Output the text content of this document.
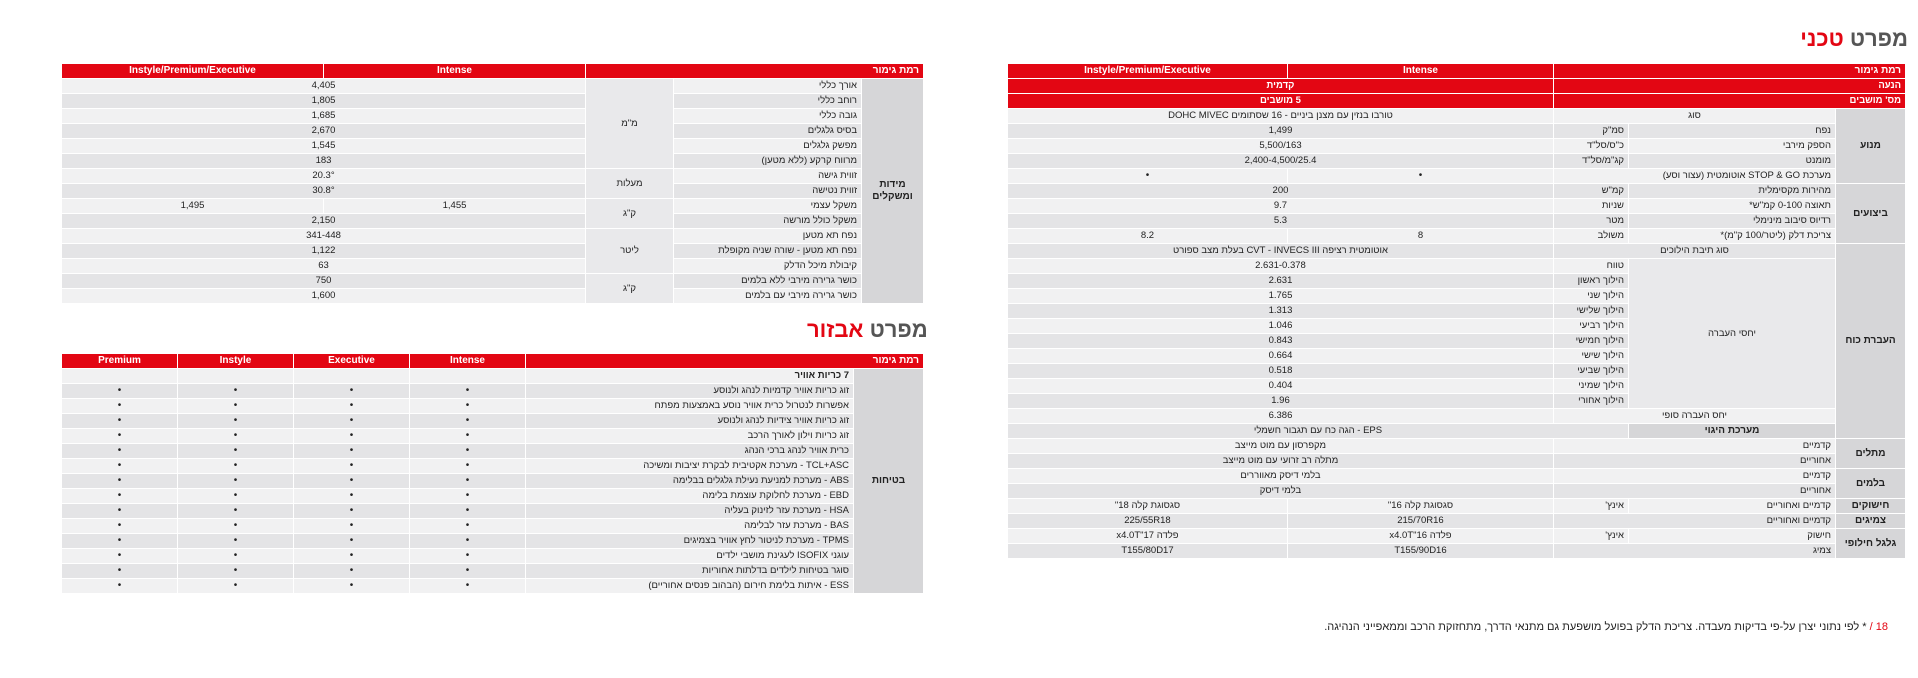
מפרט טכני
רמת גימור			Intense	Instyle/Premium/Executive
הנעה			קדמית	
מס' מושבים			5 מושבים	
מנוע	סוג		טורבו בנזין עם מצנן ביניים - 16 שסתומים DOHC MIVEC	
	נפח	סמ"ק	1,499	
	הספק מירבי	כ"ס/סל"ד	5,500/163	
	מומנט	קג"מ/סל"ד	2,400-4,500/25.4	
	מערכת STOP & GO אוטומטית (עצור וסע)		•	•
ביצועים	מהירות מקסימלית	קמ"ש	200	
	תאוצה 0-100 קמ"ש*	שניות	9.7	
	רדיוס סיבוב מינימלי	מטר	5.3	
	צריכת דלק (ליטר/100 ק"מ)*	משולב	8	8.2
העברת כוח	סוג תיבת הילוכים		אוטומטית רציפה CVT - INVECS III בעלת מצב ספורט	
	יחסי העברה	טווח	2.631-0.378	
		הילוך ראשון	2.631	
		הילוך שני	1.765	
		הילוך שלישי	1.313	
		הילוך רביעי	1.046	
		הילוך חמישי	0.843	
		הילוך שישי	0.664	
		הילוך שביעי	0.518	
		הילוך שמיני	0.404	
		הילוך אחורי	1.96	
	יחס העברה סופי		6.386	
	מערכת היגוי	EPS - הגה כח עם תגבור חשמלי		
מתלים	קדמיים		מקפרסון עם מוט מייצב	
	אחוריים		מתלה רב זרועי עם מוט מייצב	
בלמים	קדמיים		בלמי דיסק מאווררים	
	אחוריים		בלמי דיסק	
חישוקים	קדמיים ואחוריים	אינץ'	סגסוגת קלה 16"	סגסוגת קלה 18"
צמיגים	קדמיים ואחוריים		215/70R16	225/55R18
גלגל חילופי	חישוק	אינץ'	פלדה 16"x4.0T	פלדה 17"x4.0T
	צמיג		T155/90D16	T155/80D17
18 / * לפי נתוני יצרן על-פי בדיקות מעבדה. צריכת הדלק בפועל מושפעת גם מתנאי הדרך, מתחזוקת הרכב וממאפייני הנהיגה.
רמת גימור			Intense	Instyle/Premium/Executive
מידות ומשקלים	אורך כללי	מ"מ	4,405	
	רוחב כללי		1,805	
	גובה כללי		1,685	
	בסיס גלגלים		2,670	
	מפשק גלגלים		1,545	
	מרווח קרקע (ללא מטען)		183	
	זווית גישה	מעלות	20.3°	
	זווית נטישה		30.8°	
	משקל עצמי	ק"ג	1,455	1,495
	משקל כולל מורשה		2,150	
	נפח תא מטען	ליטר	341-448	
	נפח תא מטען - שורה שניה מקופלת		1,122	
	קיבולת מיכל הדלק		63	
	כושר גרירה מירבי ללא בלמים	ק"ג	750	
	כושר גרירה מירבי עם בלמים		1,600	
מפרט אבזור
רמת גימור		Intense	Executive	Instyle	Premium
בטיחות	7 כריות אוויר				
	זוג כריות אוויר קדמיות לנהג ולנוסע	•	•	•	•
	אפשרות לנטרול כרית אוויר נוסע באמצעות מפתח	•	•	•	•
	זוג כריות אוויר צידיות לנהג ולנוסע	•	•	•	•
	זוג כריות וילון לאורך הרכב	•	•	•	•
	כרית אוויר לנהג ברכי הנהג	•	•	•	•
	TCL+ASC - מערכת אקטיבית לבקרת יציבות ומשיכה	•	•	•	•
	ABS - מערכת למניעת נעילת גלגלים בבלימה	•	•	•	•
	EBD - מערכת לחלוקת עוצמת בלימה	•	•	•	•
	HSA - מערכת עזר לזינוק בעליה	•	•	•	•
	BAS - מערכת עזר לבלימה	•	•	•	•
	TPMS - מערכת לניטור לחץ אוויר בצמיגים	•	•	•	•
	עוגני ISOFIX לעגינת מושבי ילדים	•	•	•	•
	סוגר בטיחות לילדים בדלתות אחוריות	•	•	•	•
	ESS - איתות בלימת חירום (הבהוב פנסים אחוריים)	•	•	•	•
